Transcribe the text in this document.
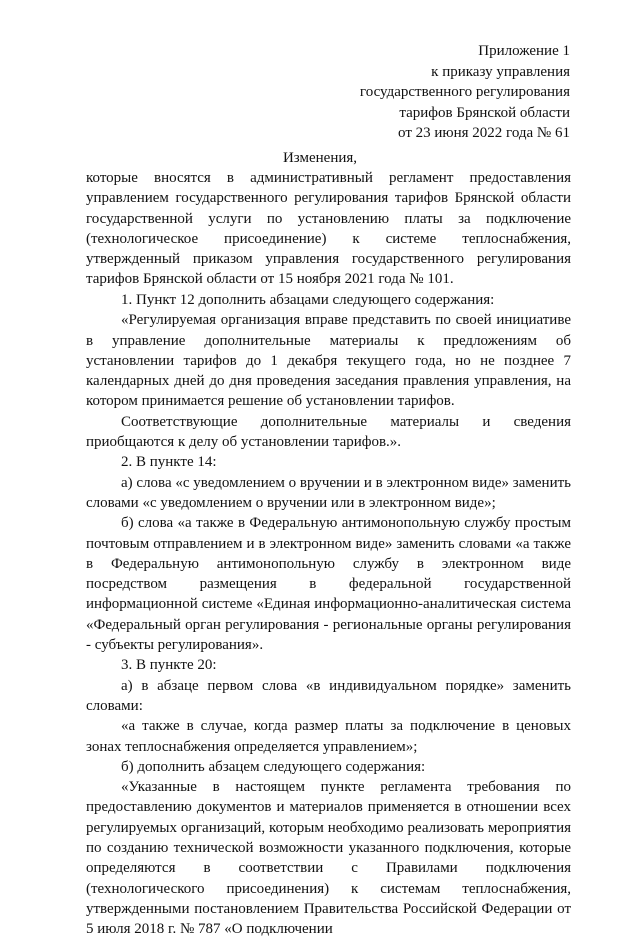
Приложение 1
к приказу управления
государственного регулирования
тарифов Брянской области
от 23 июня 2022 года № 61
Изменения,

которые вносятся в административный регламент предоставления управлением государственного регулирования тарифов Брянской области государственной услуги по установлению платы за подключение (технологическое присоединение) к системе теплоснабжения, утвержденный приказом управления государственного регулирования тарифов Брянской области от 15 ноября 2021 года № 101.

1. Пункт 12 дополнить абзацами следующего содержания:

«Регулируемая организация вправе представить по своей инициативе в управление дополнительные материалы к предложениям об установлении тарифов до 1 декабря текущего года, но не позднее 7 календарных дней до дня проведения заседания правления управления, на котором принимается решение об установлении тарифов.

Соответствующие дополнительные материалы и сведения приобщаются к делу об установлении тарифов.».

2. В пункте 14:

а) слова «с уведомлением о вручении и в электронном виде» заменить словами «с уведомлением о вручении или в электронном виде»;

б) слова «а также в Федеральную антимонопольную службу простым почтовым отправлением и в электронном виде» заменить словами «а также в Федеральную антимонопольную службу в электронном виде посредством размещения в федеральной государственной информационной системе «Единая информационно-аналитическая система «Федеральный орган регулирования - региональные органы регулирования - субъекты регулирования».

3. В пункте 20:

а) в абзаце первом слова «в индивидуальном порядке» заменить словами:

«а также в случае, когда размер платы за подключение в ценовых зонах теплоснабжения определяется управлением»;

б) дополнить абзацем следующего содержания:

«Указанные в настоящем пункте регламента требования по предоставлению документов и материалов применяется в отношении всех регулируемых организаций, которым необходимо реализовать мероприятия по созданию технической возможности указанного подключения, которые определяются в соответствии с Правилами подключения (технологического присоединения) к системам теплоснабжения, утвержденными постановлением Правительства Российской Федерации от 5 июля 2018 г. № 787 «О подключении
